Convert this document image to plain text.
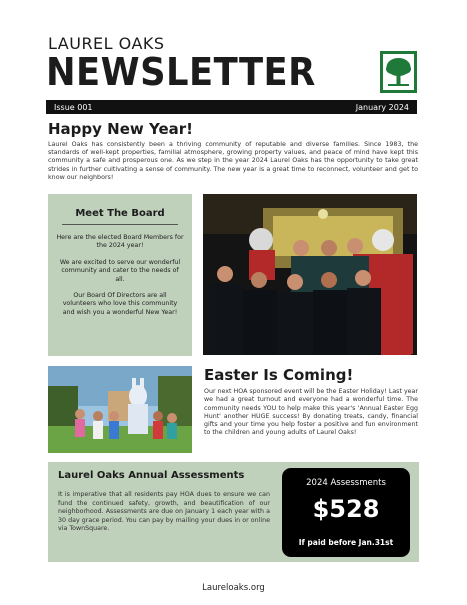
LAUREL OAKS
NEWSLETTER
Issue 001	January 2024
Happy New Year!
Laurel Oaks has consistently been a thriving community of reputable and diverse families. Since 1983, the standards of well-kept properties, familial atmosphere, growing property values, and peace of mind have kept this community a safe and prosperous one. As we step in the year 2024 Laurel Oaks has the opportunity to take great strides in further cultivating a sense of community. The new year is a great time to reconnect, volunteer and get to know our neighbors!
Meet The Board

Here are the elected Board Members for the 2024 year!

We are excited to serve our wonderful community and cater to the needs of all.

Our Board Of Directors are all volunteers who love this community and wish you a wonderful New Year!

Easter Is Coming!
Our next HOA sponsored event will be the Easter Holiday! Last year we had a great turnout and everyone had a wonderful time. The community needs YOU to help make this year's 'Annual Easter Egg Hunt' another HUGE success! By donating treats, candy, financial gifts and your time you help foster a positive and fun environment to the children and young adults of Laurel Oaks!
Laurel Oaks Annual Assessments
It is imperative that all residents pay HOA dues to ensure we can fund the continued safety, growth, and beautification of our neighborhood. Assessments are due on January 1 each year with a 30 day grace period. You can pay by mailing your dues in or online via TownSquare.
2024 Assessments
$528
If paid before Jan.31st
Laureloaks.org
